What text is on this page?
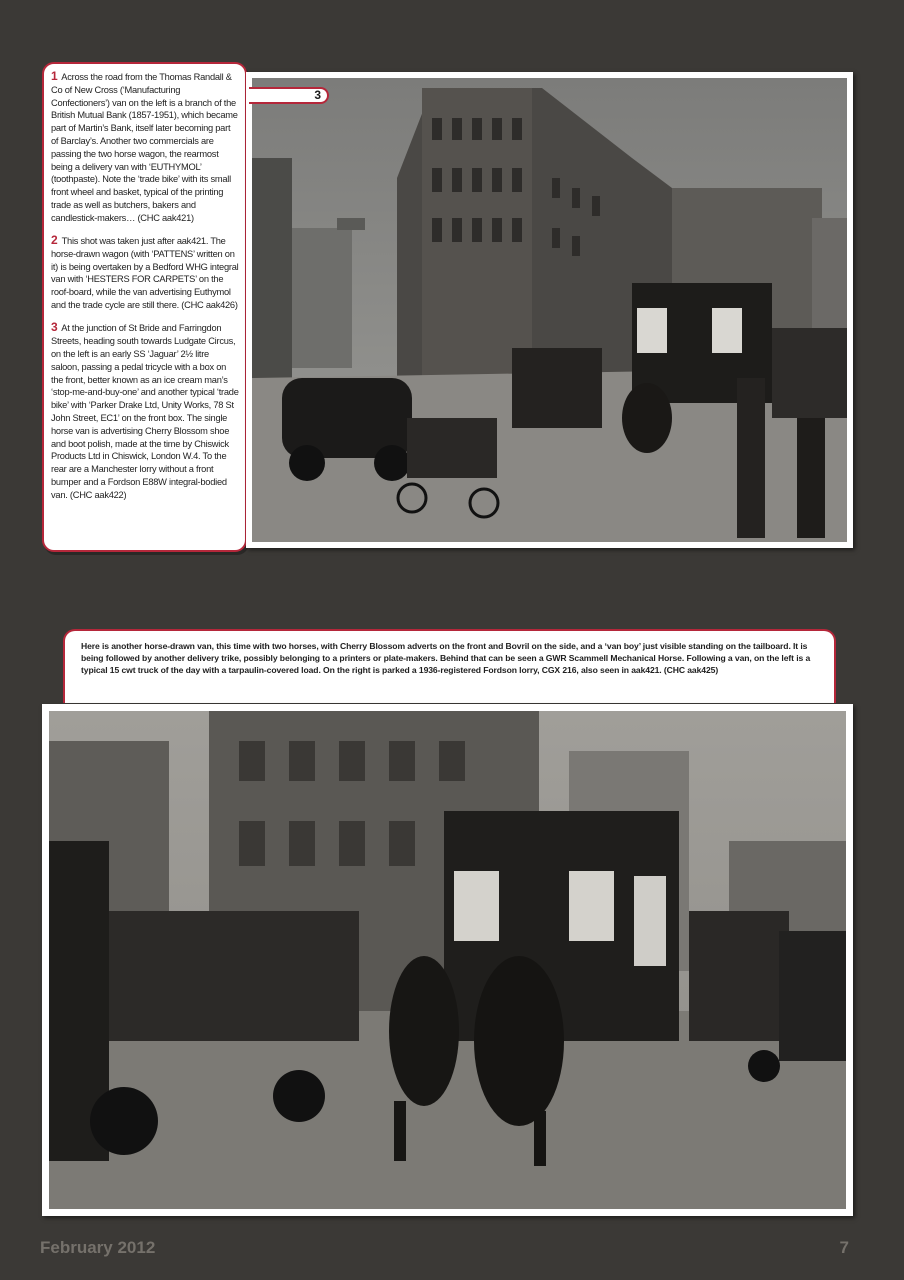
1 Across the road from the Thomas Randall & Co of New Cross (‘Manufacturing Confectioners’) van on the left is a branch of the British Mutual Bank (1857-1951), which became part of Martin’s Bank, itself later becoming part of Barclay’s. Another two commercials are passing the two horse wagon, the rearmost being a delivery van with ‘EUTHYMOL’ (toothpaste). Note the ‘trade bike’ with its small front wheel and basket, typical of the printing trade as well as butchers, bakers and candlestick-makers… (CHC aak421)

2 This shot was taken just after aak421. The horse-drawn wagon (with ‘PATTENS’ written on it) is being overtaken by a Bedford WHG integral van with ‘HESTERS FOR CARPETS’ on the roof-board, while the van advertising Euthymol and the trade cycle are still there. (CHC aak426)

3 At the junction of St Bride and Farringdon Streets, heading south towards Ludgate Circus, on the left is an early SS ‘Jaguar’ 2½ litre saloon, passing a pedal tricycle with a box on the front, better known as an ice cream man’s ‘stop-me-and-buy-one’ and another typical ‘trade bike’ with ‘Parker Drake Ltd, Unity Works, 78 St John Street, EC1’ on the front box. The single horse van is advertising Cherry Blossom shoe and boot polish, made at the time by Chiswick Products Ltd in Chiswick, London W.4. To the rear are a Manchester lorry without a front bumper and a Fordson E88W integral-bodied van. (CHC aak422)

3

Here is another horse-drawn van, this time with two horses, with Cherry Blossom adverts on the front and Bovril on the side, and a ‘van boy’ just visible standing on the tailboard. It is being followed by another delivery trike, possibly belonging to a printers or plate-makers. Behind that can be seen a GWR Scammell Mechanical Horse. Following a van, on the left is a typical 15 cwt truck of the day with a tarpaulin-covered load. On the right is parked a 1936-registered Fordson lorry, CGX 216, also seen in aak421. (CHC aak425)

February 2012	7
